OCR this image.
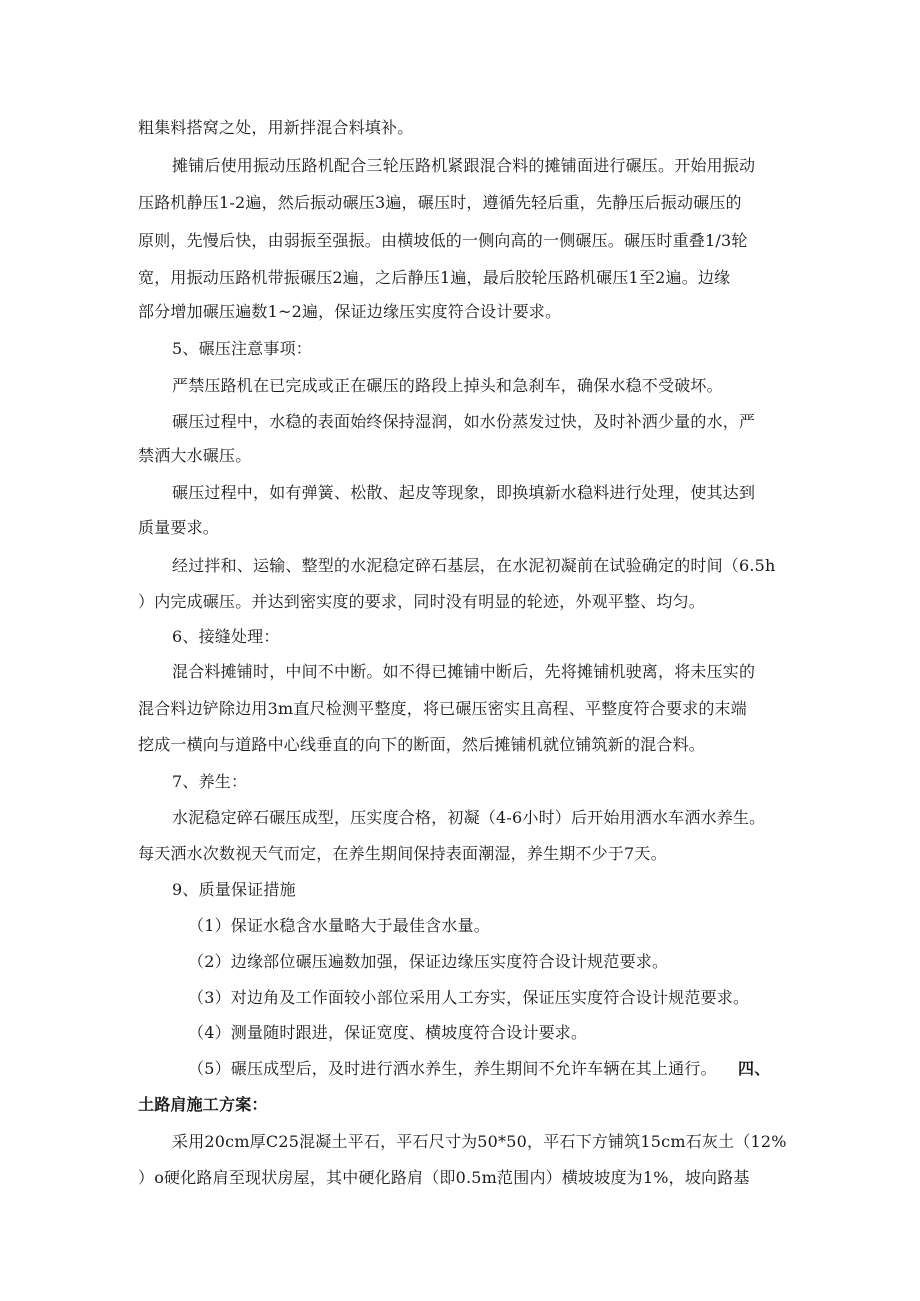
粗集料搭窝之处，用新拌混合料填补。
摊铺后使用振动压路机配合三轮压路机紧跟混合料的摊铺面进行碾压。开始用振动
压路机静压1-2遍，然后振动碾压3遍，碾压时，遵循先轻后重，先静压后振动碾压的
原则，先慢后快，由弱振至强振。由横坡低的一侧向高的一侧碾压。碾压时重叠1/3轮
宽，用振动压路机带振碾压2遍，之后静压1遍，最后胶轮压路机碾压1至2遍。边缘
部分增加碾压遍数1~2遍，保证边缘压实度符合设计要求。
5、碾压注意事项：
严禁压路机在已完成或正在碾压的路段上掉头和急刹车，确保水稳不受破坏。
碾压过程中，水稳的表面始终保持湿润，如水份蒸发过快，及时补洒少量的水，严
禁洒大水碾压。
碾压过程中，如有弹簧、松散、起皮等现象，即换填新水稳料进行处理，使其达到
质量要求。
经过拌和、运输、整型的水泥稳定碎石基层，在水泥初凝前在试验确定的时间（6.5h
）内完成碾压。并达到密实度的要求，同时没有明显的轮迹，外观平整、均匀。
6、接缝处理：
混合料摊铺时，中间不中断。如不得已摊铺中断后，先将摊铺机驶离，将未压实的
混合料边铲除边用3m直尺检测平整度，将已碾压密实且高程、平整度符合要求的末端
挖成一横向与道路中心线垂直的向下的断面，然后摊铺机就位铺筑新的混合料。
7、养生：
水泥稳定碎石碾压成型，压实度合格，初凝（4-6小时）后开始用洒水车洒水养生。
每天洒水次数视天气而定，在养生期间保持表面潮湿，养生期不少于7天。
9、质量保证措施
（1）保证水稳含水量略大于最佳含水量。
（2）边缘部位碾压遍数加强，保证边缘压实度符合设计规范要求。
（3）对边角及工作面较小部位采用人工夯实，保证压实度符合设计规范要求。
（4）测量随时跟进，保证宽度、横坡度符合设计要求。
（5）碾压成型后，及时进行洒水养生，养生期间不允许车辆在其上通行。	四、
土路肩施工方案：
采用20cm厚C25混凝土平石，平石尺寸为50*50，平石下方铺筑15cm石灰土（12%
）o硬化路肩至现状房屋，其中硬化路肩（即0.5m范围内）横坡坡度为1%，坡向路基
